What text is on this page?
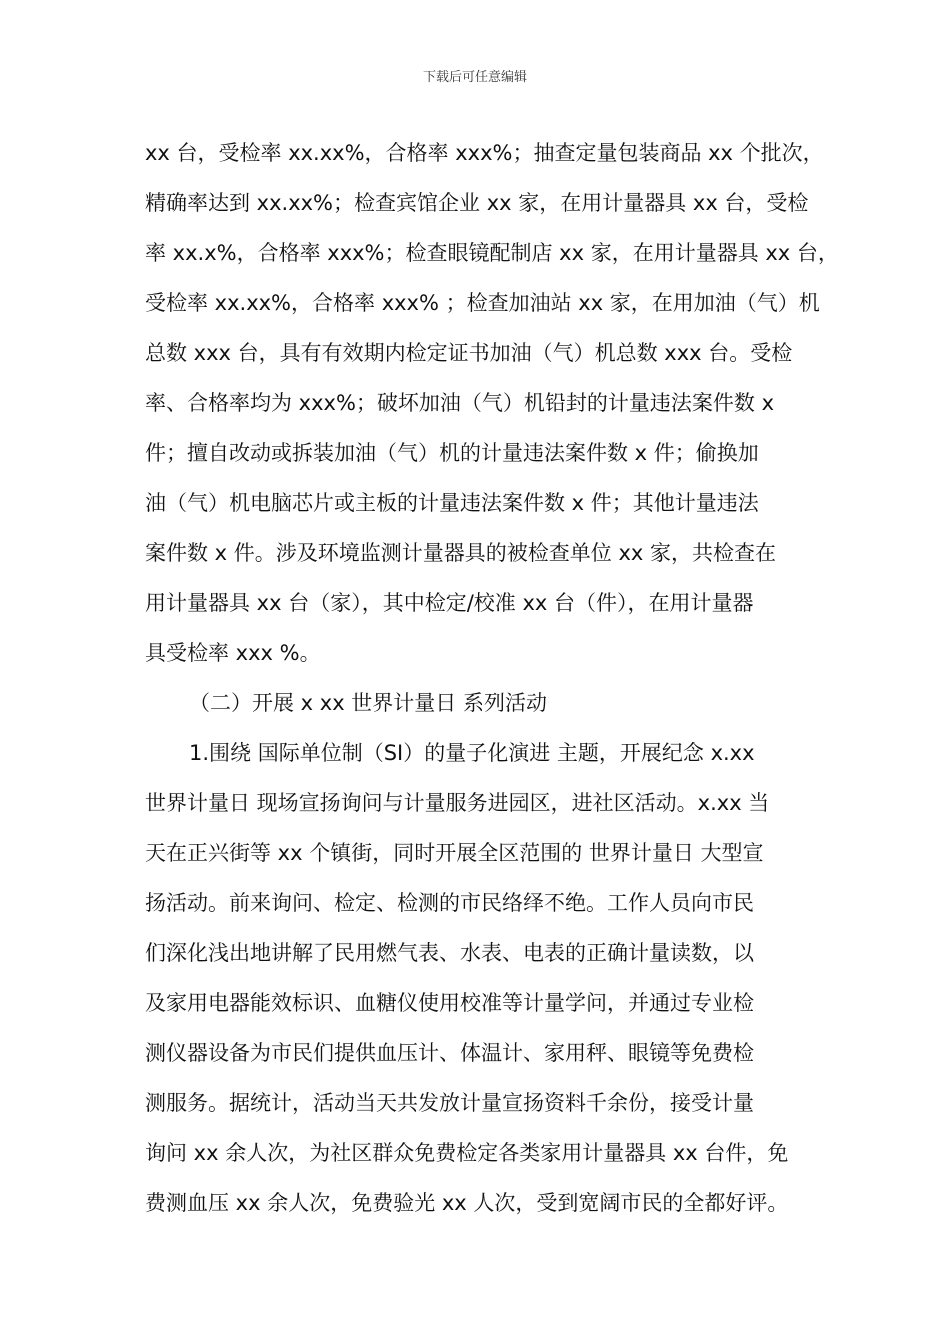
下载后可任意编辑
xx 台，受检率 xx.xx%，合格率 xxx%；抽查定量包装商品 xx 个批次，
精确率达到 xx.xx%；检查宾馆企业 xx 家，在用计量器具 xx 台，受检
率 xx.x%，合格率 xxx%；检查眼镜配制店 xx 家，在用计量器具 xx 台，
受检率 xx.xx%，合格率 xxx% ；检查加油站 xx 家，在用加油（气）机
总数 xxx 台，具有有效期内检定证书加油（气）机总数 xxx 台。受检
率、合格率均为 xxx%；破坏加油（气）机铅封的计量违法案件数 x
件；擅自改动或拆装加油（气）机的计量违法案件数 x 件；偷换加
油（气）机电脑芯片或主板的计量违法案件数 x 件；其他计量违法
案件数 x 件。涉及环境监测计量器具的被检查单位 xx 家，共检查在
用计量器具 xx 台（家），其中检定/校准 xx 台（件），在用计量器
具受检率 xxx %。
（二）开展 x xx 世界计量日 系列活动
1.围绕 国际单位制（SI）的量子化演进 主题，开展纪念 x.xx
世界计量日 现场宣扬询问与计量服务进园区，进社区活动。x.xx 当
天在正兴街等 xx 个镇街，同时开展全区范围的 世界计量日 大型宣
扬活动。前来询问、检定、检测的市民络绎不绝。工作人员向市民
们深化浅出地讲解了民用燃气表、水表、电表的正确计量读数，以
及家用电器能效标识、血糖仪使用校准等计量学问，并通过专业检
测仪器设备为市民们提供血压计、体温计、家用秤、眼镜等免费检
测服务。据统计，活动当天共发放计量宣扬资料千余份，接受计量
询问 xx 余人次，为社区群众免费检定各类家用计量器具 xx 台件，免
费测血压 xx 余人次，免费验光 xx 人次，受到宽阔市民的全都好评。
